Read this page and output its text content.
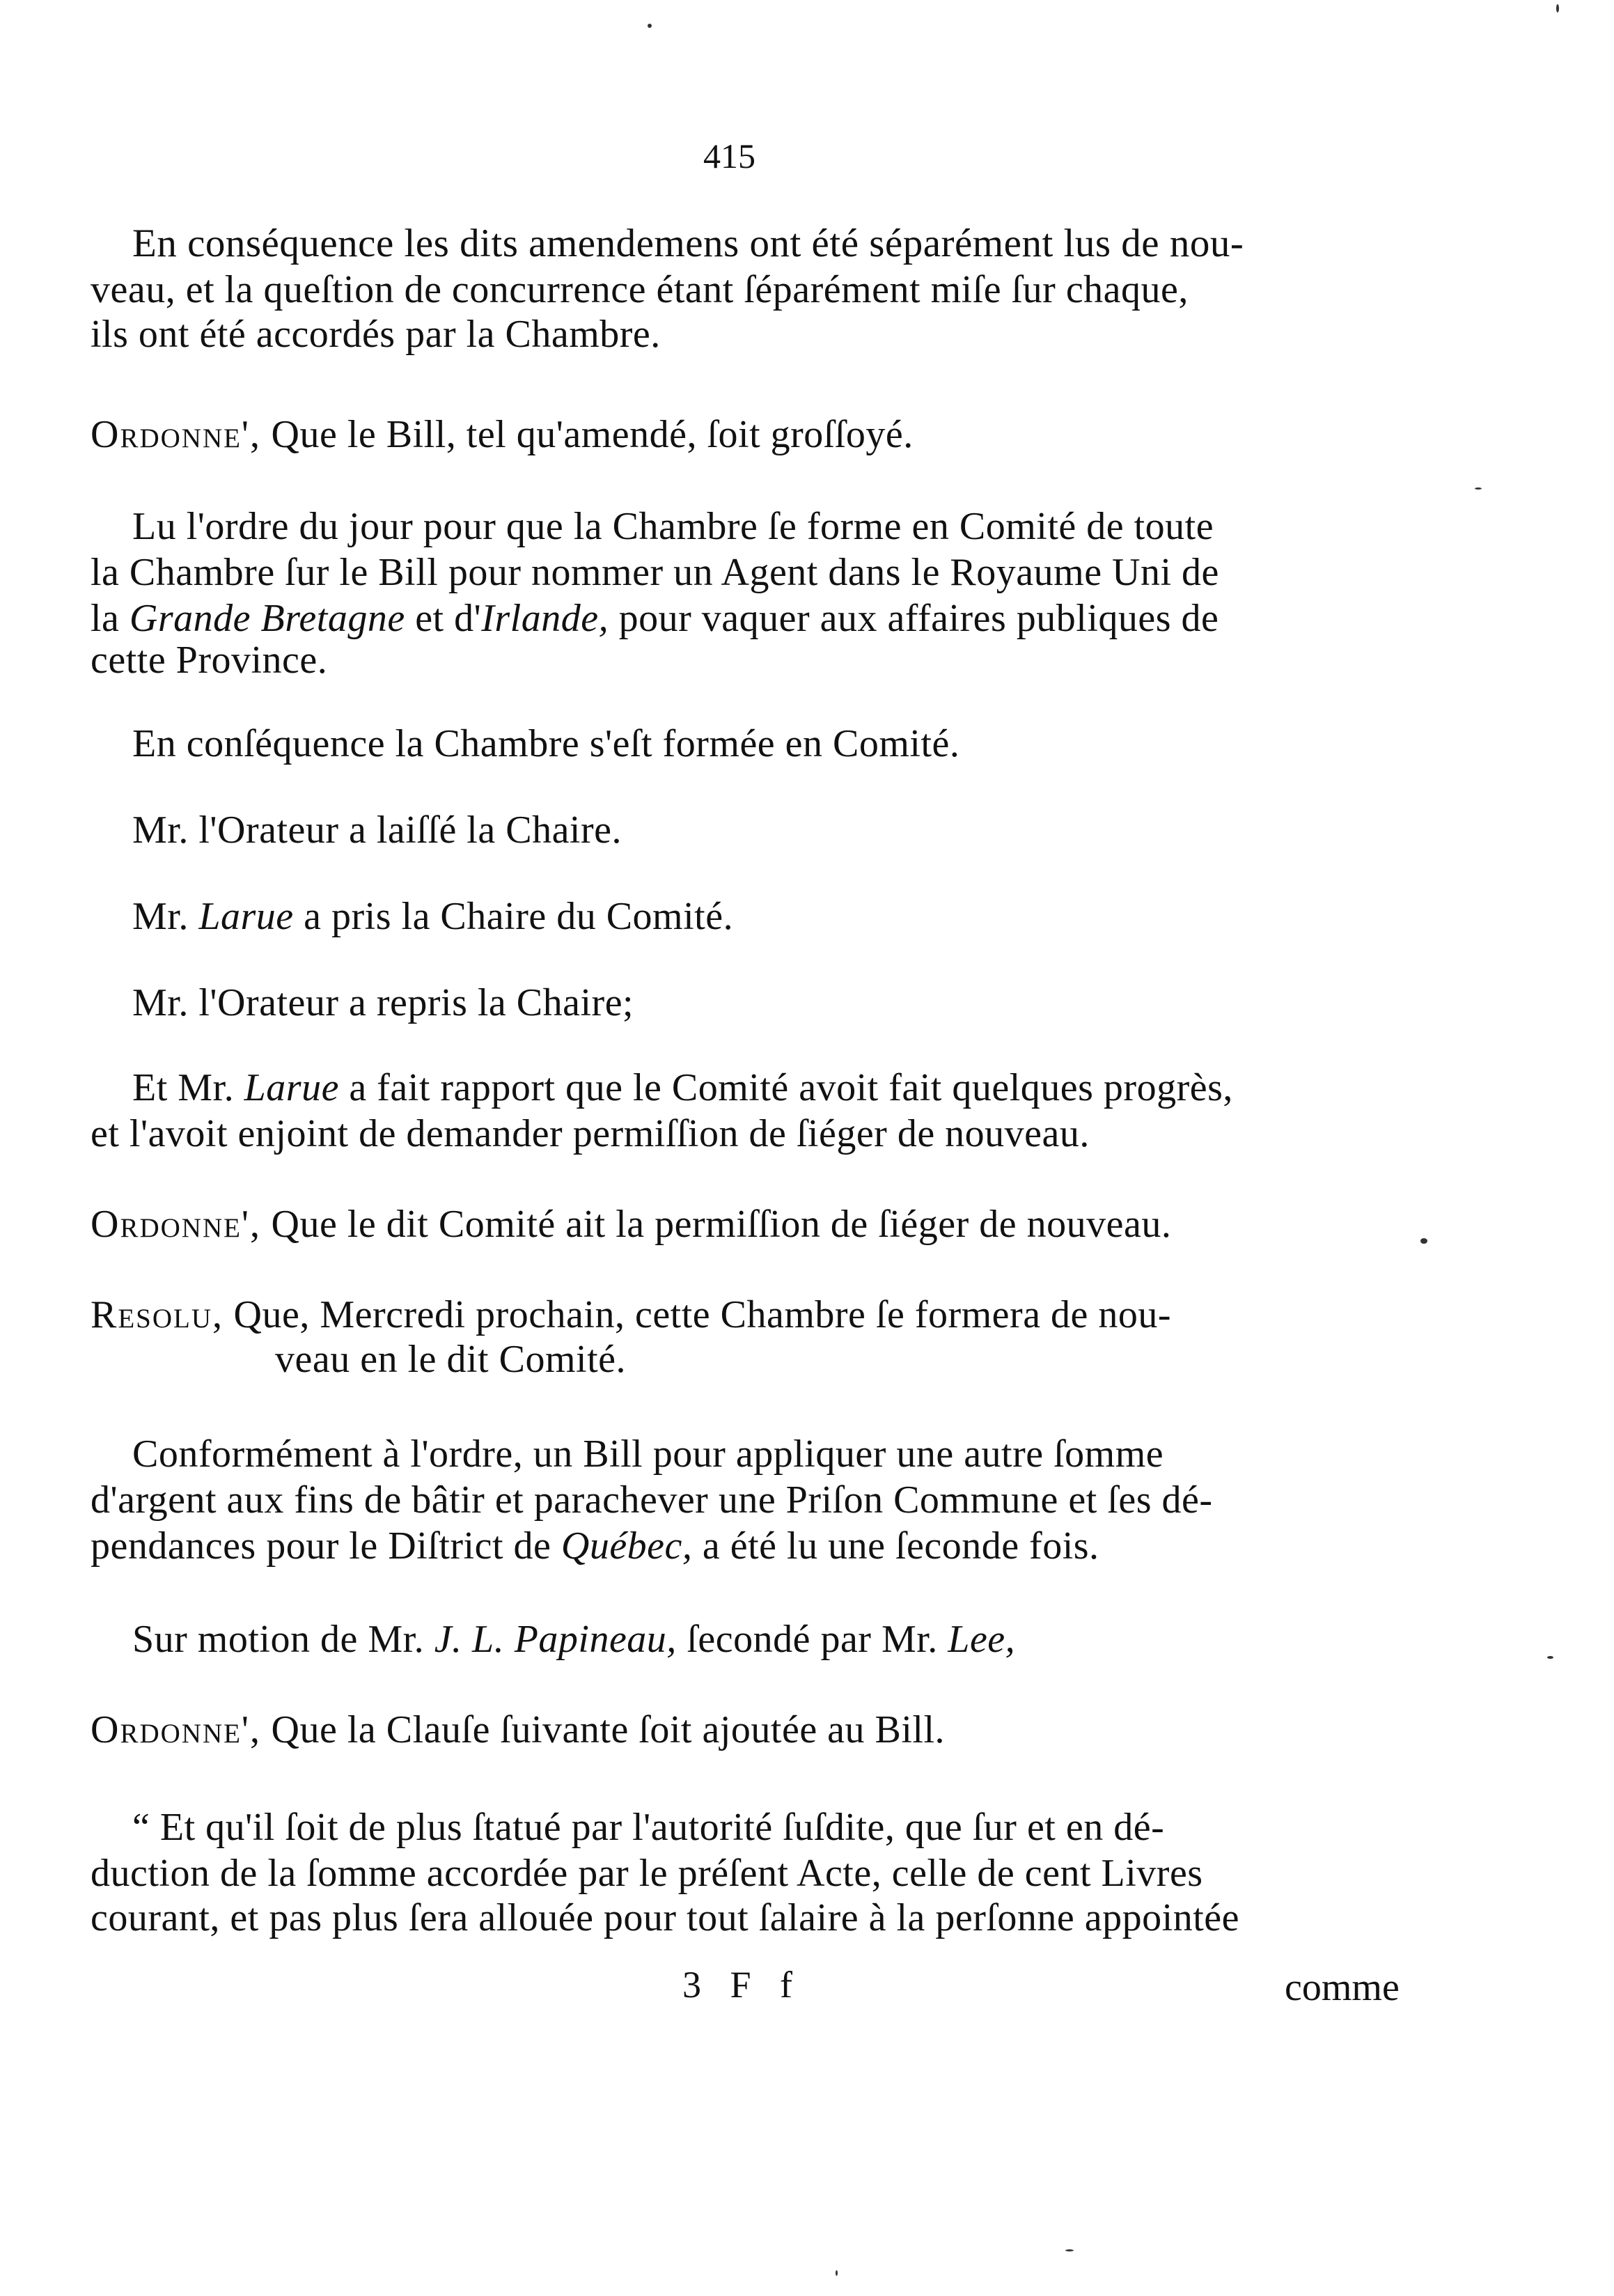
415
En conséquence les dits amendemens ont été séparément lus de nou-
veau, et la queſtion de concurrence étant ſéparément miſe ſur chaque,
ils ont été accordés par la Chambre.
Ordonne', Que le Bill, tel qu'amendé, ſoit groſſoyé.
Lu l'ordre du jour pour que la Chambre ſe forme en Comité de toute
la Chambre ſur le Bill pour nommer un Agent dans le Royaume Uni de
la Grande Bretagne et d'Irlande, pour vaquer aux affaires publiques de
cette Province.
En conſéquence la Chambre s'eſt formée en Comité.
Mr. l'Orateur a laiſſé la Chaire.
Mr. Larue a pris la Chaire du Comité.
Mr. l'Orateur a repris la Chaire;
Et Mr. Larue a fait rapport que le Comité avoit fait quelques progrès,
et l'avoit enjoint de demander permiſſion de ſiéger de nouveau.
Ordonne', Que le dit Comité ait la permiſſion de ſiéger de nouveau.
Resolu, Que, Mercredi prochain, cette Chambre ſe formera de nou-
veau en le dit Comité.
Conformément à l'ordre, un Bill pour appliquer une autre ſomme
d'argent aux fins de bâtir et parachever une Priſon Commune et ſes dé-
pendances pour le Diſtrict de Québec, a été lu une ſeconde fois.
Sur motion de Mr. J. L. Papineau, ſecondé par Mr. Lee,
Ordonne', Que la Clauſe ſuivante ſoit ajoutée au Bill.
“ Et qu'il ſoit de plus ſtatué par l'autorité ſuſdite, que ſur et en dé-
duction de la ſomme accordée par le préſent Acte, celle de cent Livres
courant, et pas plus ſera allouée pour tout ſalaire à la perſonne appointée
3 F f	comme
